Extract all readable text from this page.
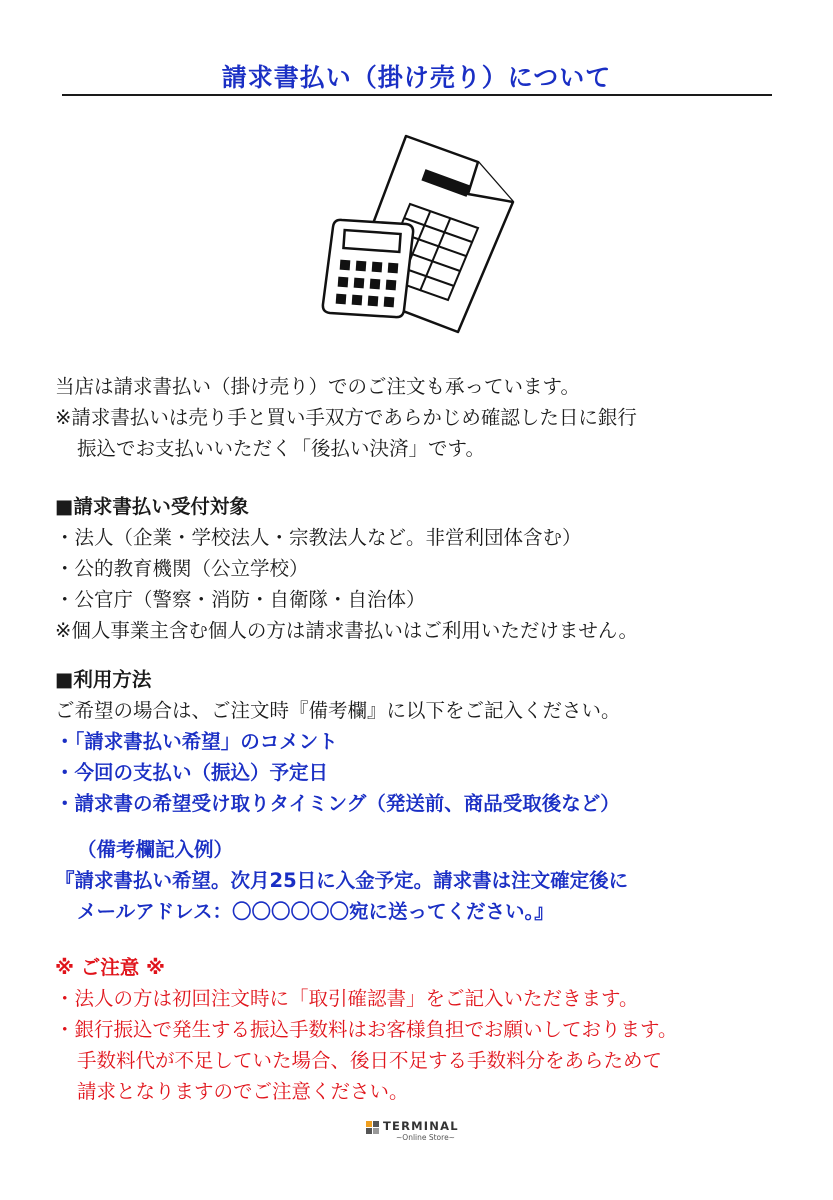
請求書払い（掛け売り）について
当店は請求書払い（掛け売り）でのご注文も承っています。
※請求書払いは売り手と買い手双方であらかじめ確認した日に銀行
振込でお支払いいただく「後払い決済」です。
■請求書払い受付対象
・法人（企業・学校法人・宗教法人など。非営利団体含む）
・公的教育機関（公立学校）
・公官庁（警察・消防・自衛隊・自治体）
※個人事業主含む個人の方は請求書払いはご利用いただけません。
■利用方法
ご希望の場合は、ご注文時『備考欄』に以下をご記入ください。
・「請求書払い希望」のコメント
・今回の支払い（振込）予定日
・請求書の希望受け取りタイミング（発送前、商品受取後など）
（備考欄記入例）
『請求書払い希望。次月25日に入金予定。請求書は注文確定後に
メールアドレス：〇〇〇〇〇〇宛に送ってください。』
※ ご注意 ※
・法人の方は初回注文時に「取引確認書」をご記入いただきます。
・銀行振込で発生する振込手数料はお客様負担でお願いしております。
手数料代が不足していた場合、後日不足する手数料分をあらためて
請求となりますのでご注意ください。
TERMINAL
~Online Store~
